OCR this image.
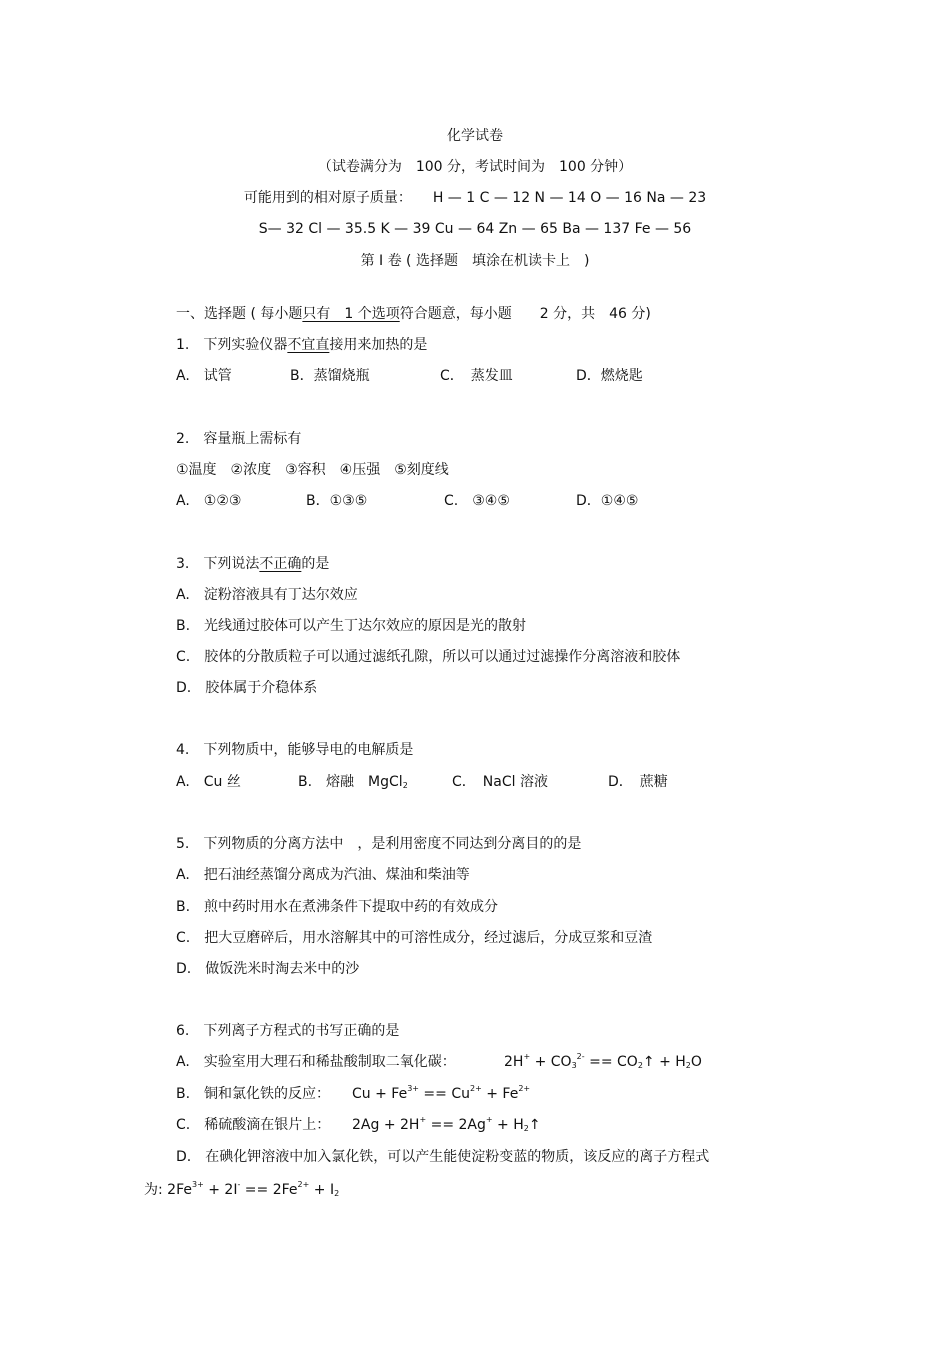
化学试卷
（试卷满分为　100 分，考试时间为　100 分钟）
可能用到的相对原子质量：　　H — 1 C — 12 N — 14 O — 16 Na — 23
S— 32 Cl — 35.5 K — 39 Cu — 64 Zn — 65 Ba — 137 Fe — 56
第 I 卷 ( 选择题　填涂在机读卡上　)
一、选择题 ( 每小题只有　1 个选项符合题意，每小题　　2 分，共　46 分)
1.　下列实验仪器不宜直接用来加热的是
A.　试管	B．蒸馏烧瓶	C．　蒸发皿	D．燃烧匙
2.　容量瓶上需标有
①温度　②浓度　③容积　④压强　⑤刻度线
A.　①②③	B．①③⑤	C.　③④⑤	D．①④⑤
3.　下列说法不正确的是
A.　淀粉溶液具有丁达尔效应
B.　光线通过胶体可以产生丁达尔效应的原因是光的散射
C.　胶体的分散质粒子可以通过滤纸孔隙，所以可以通过过滤操作分离溶液和胶体
D.　胶体属于介稳体系
4.　下列物质中，能够导电的电解质是
A.　Cu 丝	B.　熔融　MgCl$_2$	C．　NaCl 溶液	D．　蔗糖
5.　下列物质的分离方法中　，是利用密度不同达到分离目的的是
A.　把石油经蒸馏分离成为汽油、煤油和柴油等
B.　煎中药时用水在煮沸条件下提取中药的有效成分
C.　把大豆磨碎后，用水溶解其中的可溶性成分，经过滤后，分成豆浆和豆渣
D.　做饭洗米时淘去米中的沙
6.　下列离子方程式的书写正确的是
A.　实验室用大理石和稀盐酸制取二氧化碳：	$2H^+ + CO_3^{2-}$ == $CO_2↑ + H_2O$
B.　铜和氯化铁的反应： $Cu + Fe^{3+} == Cu^{2+} + Fe^{2+}$
C.　稀硫酸滴在银片上： $2Ag + 2H^+ == 2Ag^+ + H_2↑$
D.　在碘化钾溶液中加入氯化铁，可以产生能使淀粉变蓝的物质，该反应的离子方程式
为: $2Fe^{3+} + 2I^- == 2Fe^{2+} + I_2$
